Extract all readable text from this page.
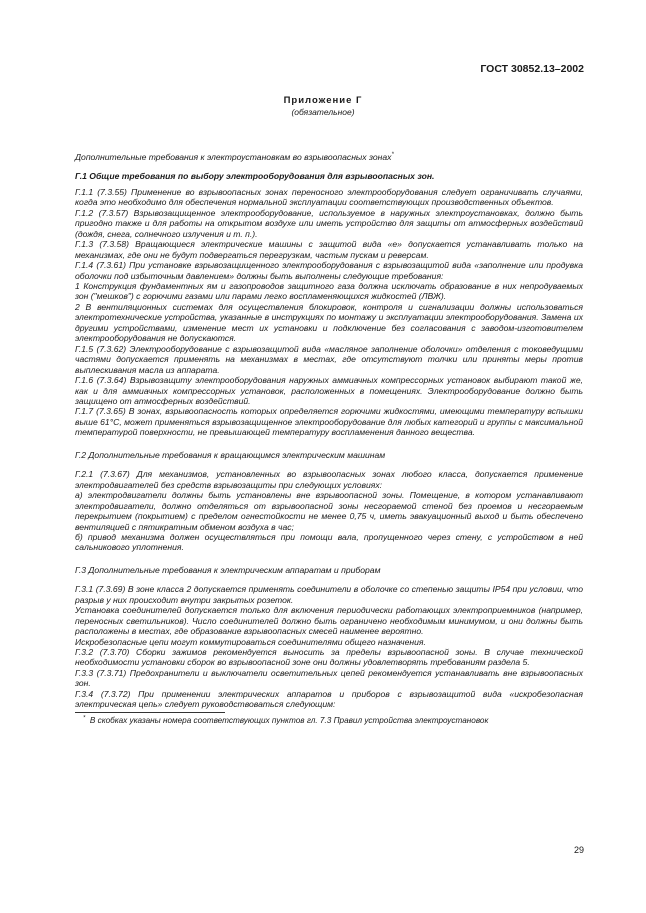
ГОСТ 30852.13–2002
Приложение Г
(обязательное)

Дополнительные требования к электроустановкам во взрывоопасных зонах*

Г.1 Общие требования по выбору электрооборудования для взрывоопасных зон.

Г.1.1 (7.3.55) Применение во взрывоопасных зонах переносного электрооборудования следует ограничивать случаями, когда это необходимо для обеспечения нормальной эксплуатации соответствующих производственных объектов.

Г.1.2 (7.3.57) Взрывозащищенное электрооборудование, используемое в наружных электроустановках, должно быть пригодно также и для работы на открытом воздухе или иметь устройство для защиты от атмосферных воздействий (дождя, снега, солнечного излучения и т. п.).

Г.1.3 (7.3.58) Вращающиеся электрические машины с защитой вида «е» допускается устанавливать только на механизмах, где они не будут подвергаться перегрузкам, частым пускам и реверсам.

Г.1.4 (7.3.61) При установке взрывозащищенного электрооборудования с взрывозащитой вида «заполнение или продувка оболочки под избыточным давлением» должны быть выполнены следующие требования:

1 Конструкция фундаментных ям и газопроводов защитного газа должна исключать образование в них непродуваемых зон ("мешков") с горючими газами или парами легко воспламеняющихся жидкостей (ЛВЖ).

2 В вентиляционных системах для осуществления блокировок, контроля и сигнализации должны использоваться электротехнические устройства, указанные в инструкциях по монтажу и эксплуатации электрооборудования. Замена их другими устройствами, изменение мест их установки и подключение без согласования с заводом-изготовителем электрооборудования не допускаются.

Г.1.5 (7.3.62) Электрооборудование с взрывозащитой вида «масляное заполнение оболочки» отделения с токоведущими частями допускается применять на механизмах в местах, где отсутствуют толчки или приняты меры против выплескивания масла из аппарата.

Г.1.6 (7.3.64) Взрывозащиту электрооборудования наружных аммиачных компрессорных установок выбирают такой же, как и для аммиачных компрессорных установок, расположенных в помещениях. Электрооборудование должно быть защищено от атмосферных воздействий.

Г.1.7 (7.3.65) В зонах, взрывоопасность которых определяется горючими жидкостями, имеющими температуру вспышки выше 61°С, может применяться взрывозащищенное электрооборудование для любых категорий и группы с максимальной температурой поверхности, не превышающей температуру воспламенения данного вещества.

Г.2 Дополнительные требования к вращающимся электрическим машинам

Г.2.1 (7.3.67) Для механизмов, установленных во взрывоопасных зонах любого класса, допускается применение электродвигателей без средств взрывозащиты при следующих условиях:

а) электродвигатели должны быть установлены вне взрывоопасной зоны. Помещение, в котором устанавливают электродвигатели, должно отделяться от взрывоопасной зоны несгораемой стеной без проемов и несгораемым перекрытием (покрытием) с пределом огнестойкости не менее 0,75 ч, иметь эвакуационный выход и быть обеспечено вентиляцией с пятикратным обменом воздуха в час;

б) привод механизма должен осуществляться при помощи вала, пропущенного через стену, с устройством в ней сальникового уплотнения.

Г.3 Дополнительные требования к электрическим аппаратам и приборам

Г.3.1 (7.3.69) В зоне класса 2 допускается применять соединители в оболочке со степенью защиты IP54 при условии, что разрыв у них происходит внутри закрытых розеток.

Установка соединителей допускается только для включения периодически работающих электроприемников (например, переносных светильников). Число соединителей должно быть ограничено необходимым минимумом, и они должны быть расположены в местах, где образование взрывоопасных смесей наименее вероятно.

Искробезопасные цепи могут коммутироваться соединителями общего назначения.

Г.3.2 (7.3.70) Сборки зажимов рекомендуется выносить за пределы взрывоопасной зоны. В случае технической необходимости установки сборок во взрывоопасной зоне они должны удовлетворять требованиям раздела 5.

Г.3.3 (7.3.71) Предохранители и выключатели осветительных цепей рекомендуется устанавливать вне взрывоопасных зон.

Г.3.4 (7.3.72) При применении электрических аппаратов и приборов с взрывозащитой вида «искробезопасная электрическая цепь» следует руководствоваться следующим:

* В скобках указаны номера соответствующих пунктов гл. 7.3 Правил устройства электроустановок

29
